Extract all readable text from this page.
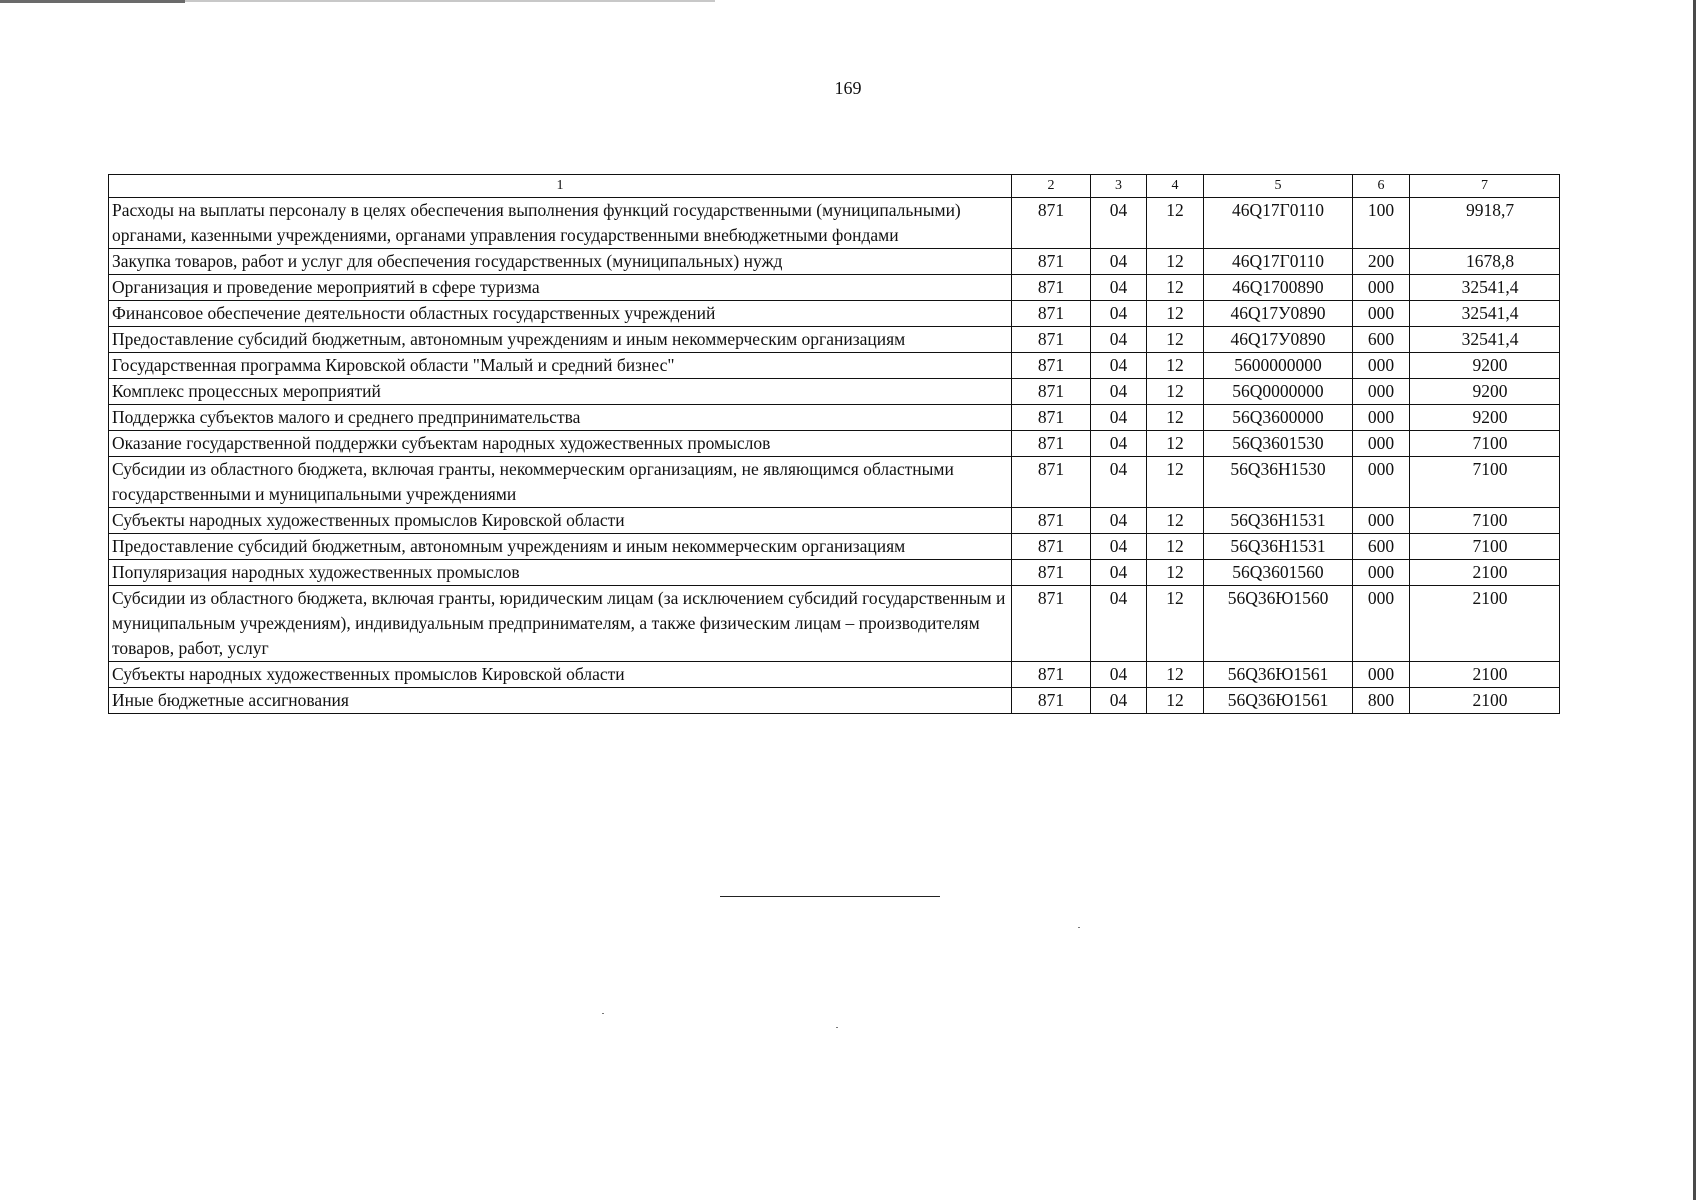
169
1	2	3	4	5	6	7
Расходы на выплаты персоналу в целях обеспечения выполнения функций государственными (муниципальными) органами, казенными учреждениями, органами управления государственными внебюджетными фондами	871	04	12	46Q17Г0110	100	9918,7
Закупка товаров, работ и услуг для обеспечения государственных (муниципальных) нужд	871	04	12	46Q17Г0110	200	1678,8
Организация и проведение мероприятий в сфере туризма	871	04	12	46Q1700890	000	32541,4
Финансовое обеспечение деятельности областных государственных учреждений	871	04	12	46Q17У0890	000	32541,4
Предоставление субсидий бюджетным, автономным учреждениям и иным некоммерческим организациям	871	04	12	46Q17У0890	600	32541,4
Государственная программа Кировской области "Малый и средний бизнес"	871	04	12	5600000000	000	9200
Комплекс процессных мероприятий	871	04	12	56Q0000000	000	9200
Поддержка субъектов малого и среднего предпринимательства	871	04	12	56Q3600000	000	9200
Оказание государственной поддержки субъектам народных художественных промыслов	871	04	12	56Q3601530	000	7100
Субсидии из областного бюджета, включая гранты, некоммерческим организациям, не являющимся областными государственными и муниципальными учреждениями	871	04	12	56Q36Н1530	000	7100
Субъекты народных художественных промыслов Кировской области	871	04	12	56Q36Н1531	000	7100
Предоставление субсидий бюджетным, автономным учреждениям и иным некоммерческим организациям	871	04	12	56Q36Н1531	600	7100
Популяризация народных художественных промыслов	871	04	12	56Q3601560	000	2100
Субсидии из областного бюджета, включая гранты, юридическим лицам (за исключением субсидий государственным и муниципальным учреждениям), индивидуальным предпринимателям, а также физическим лицам – производителям товаров, работ, услуг	871	04	12	56Q36Ю1560	000	2100
Субъекты народных художественных промыслов Кировской области	871	04	12	56Q36Ю1561	000	2100
Иные бюджетные ассигнования	871	04	12	56Q36Ю1561	800	2100
